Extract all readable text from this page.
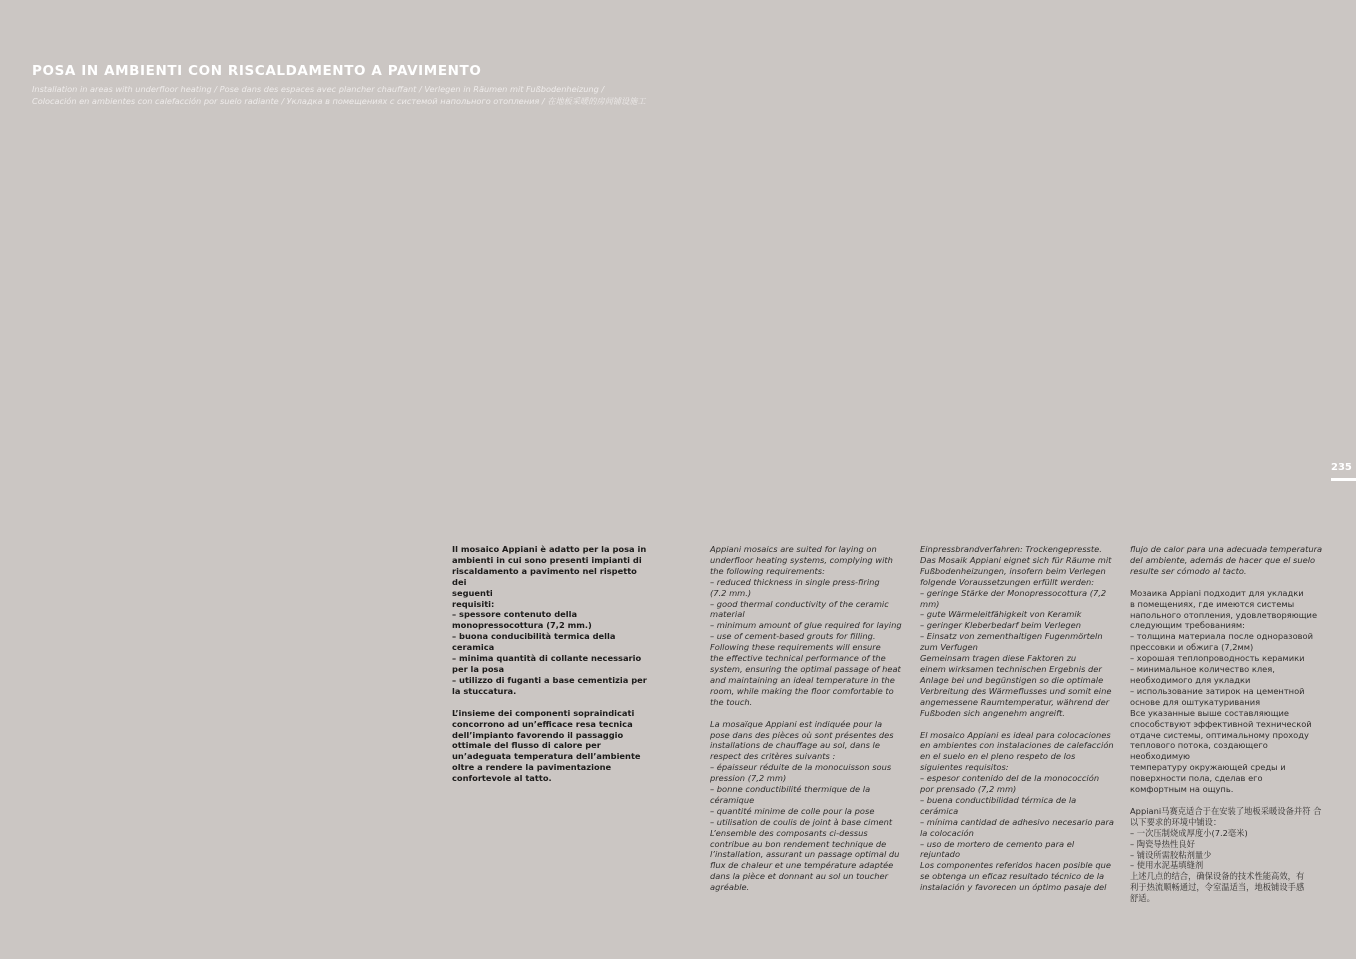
POSA IN AMBIENTI CON RISCALDAMENTO A PAVIMENTO
Installation in areas with underfloor heating / Pose dans des espaces avec plancher chauffant / Verlegen in Räumen mit Fußbodenheizung /
Colocación en ambientes con calefacción por suelo radiante / Укладка в помещениях с системой напольного отопления / 在地板采暖的房间铺设施工
235

Il mosaico Appiani è adatto per la posa in
ambienti in cui sono presenti impianti di
riscaldamento a pavimento nel rispetto dei
seguenti
requisiti:
– spessore contenuto della
monopressocottura (7,2 mm.)
– buona conducibilità termica della
ceramica
– minima quantità di collante necessario
per la posa
– utilizzo di fuganti a base cementizia per
la stuccatura.

L’insieme dei componenti sopraindicati
concorrono ad un’efficace resa tecnica
dell’impianto favorendo il passaggio
ottimale del flusso di calore per
un’adeguata temperatura dell’ambiente
oltre a rendere la pavimentazione
confortevole al tatto.

Appiani mosaics are suited for laying on
underfloor heating systems, complying with
the following requirements:
– reduced thickness in single press-firing
(7.2 mm.)
– good thermal conductivity of the ceramic
material
– minimum amount of glue required for laying
– use of cement-based grouts for filling.
Following these requirements will ensure
the effective technical performance of the
system, ensuring the optimal passage of heat
and maintaining an ideal temperature in the
room, while making the floor comfortable to
the touch.

La mosaïque Appiani est indiquée pour la
pose dans des pièces où sont présentes des
installations de chauffage au sol, dans le
respect des critères suivants :
– épaisseur réduite de la monocuisson sous
pression (7,2 mm)
– bonne conductibilité thermique de la
céramique
– quantité minime de colle pour la pose
– utilisation de coulis de joint à base ciment
L’ensemble des composants ci-dessus
contribue au bon rendement technique de
l’installation, assurant un passage optimal du
flux de chaleur et une température adaptée
dans la pièce et donnant au sol un toucher
agréable.

Einpressbrandverfahren: Trockengepresste.
Das Mosaik Appiani eignet sich für Räume mit
Fußbodenheizungen, insofern beim Verlegen
folgende Voraussetzungen erfüllt werden:
– geringe Stärke der Monopressocottura (7,2
mm)
– gute Wärmeleitfähigkeit von Keramik
– geringer Kleberbedarf beim Verlegen
– Einsatz von zementhaltigen Fugenmörteln
zum Verfugen
Gemeinsam tragen diese Faktoren zu
einem wirksamen technischen Ergebnis der
Anlage bei und begünstigen so die optimale
Verbreitung des Wärmeflusses und somit eine
angemessene Raumtemperatur, während der
Fußboden sich angenehm angreift.

El mosaico Appiani es ideal para colocaciones
en ambientes con instalaciones de calefacción
en el suelo en el pleno respeto de los
siguientes requisitos:
– espesor contenido del de la monococción
por prensado (7,2 mm)
– buena conductibilidad térmica de la
cerámica
– mínima cantidad de adhesivo necesario para
la colocación
– uso de mortero de cemento para el
rejuntado
Los componentes referidos hacen posible que
se obtenga un eficaz resultado técnico de la
instalación y favorecen un óptimo pasaje del

flujo de calor para una adecuada temperatura
del ambiente, además de hacer que el suelo
resulte ser cómodo al tacto.

Мозаика Appiani подходит для укладки
в помещениях, где имеются системы
напольного отопления, удовлетворяющие
следующим требованиям:
– толщина материала после одноразовой
прессовки и обжига (7,2мм)
– хорошая теплопроводность керамики
– минимальное количество клея,
необходимого для укладки
– использование затирок на цементной
основе для оштукатуривания
Все указанные выше составляющие
способствуют эффективной технической
отдаче системы, оптимальному проходу
теплового потока, создающего необходимую
температуру окружающей среды и
поверхности пола, сделав его
комфортным на ощупь.

Appiani马赛克适合于在安装了地板采暖设备并符 合
以下要求的环境中铺设：
– 一次压制烧成厚度小(7.2毫米)
– 陶瓷导热性良好
– 铺设所需胶粘剂量少
– 使用水泥基填缝剂
上述几点的结合，确保设备的技术性能高效，有
利于热流顺畅通过，令室温适当，地板铺设手感
舒适。
